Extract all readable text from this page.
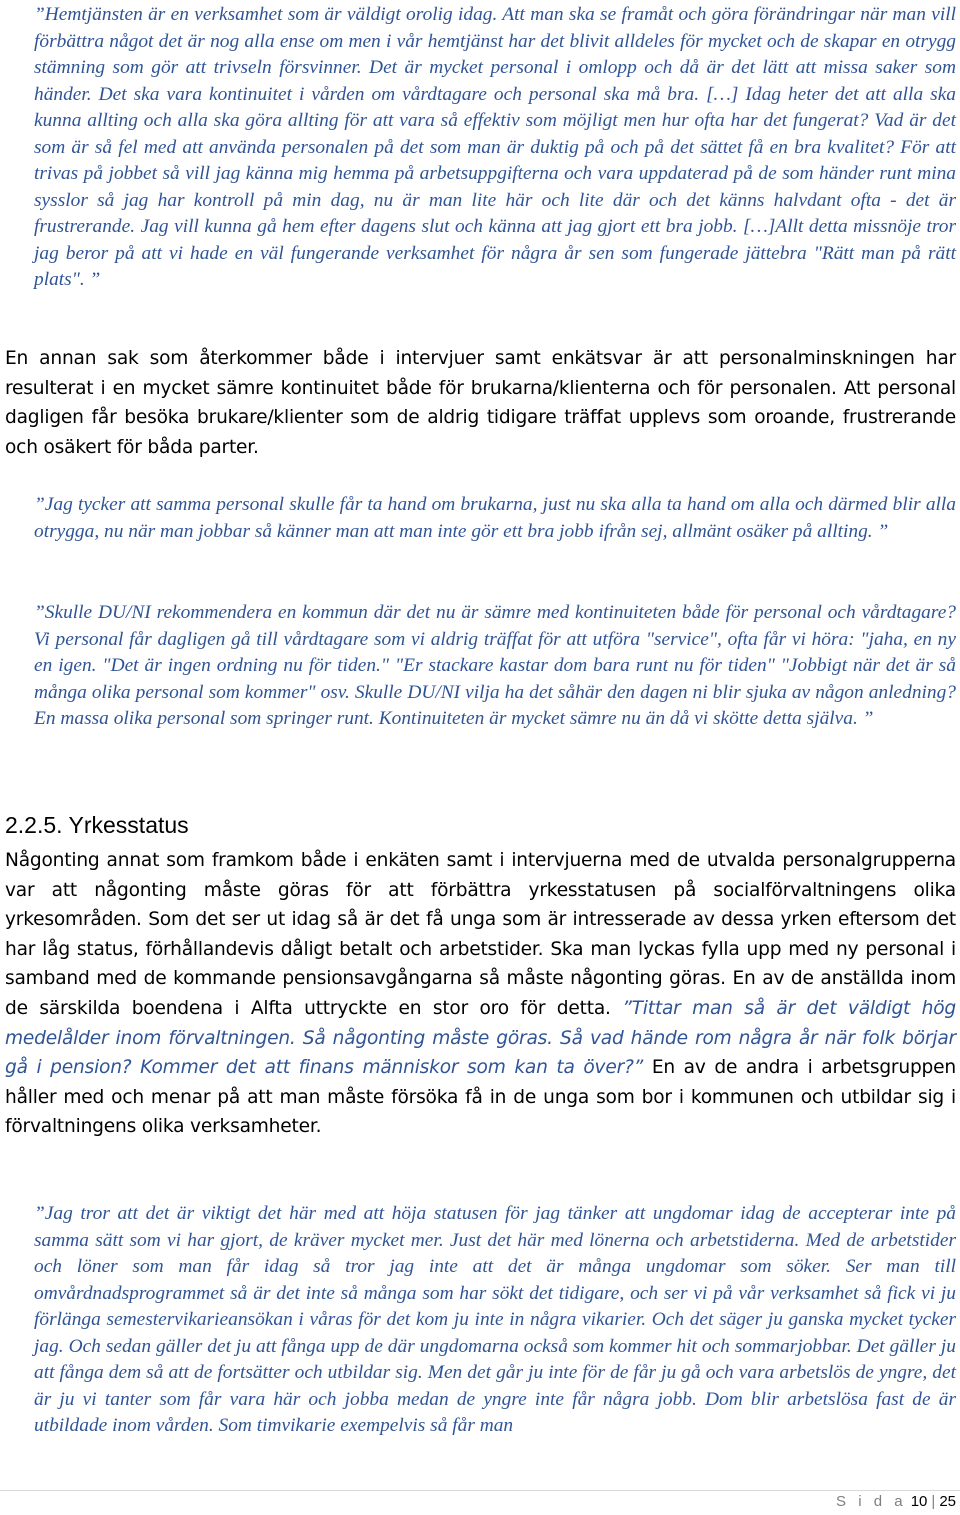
”Hemtjänsten är en verksamhet som är väldigt orolig idag. Att man ska se framåt och göra förändringar när man vill förbättra något det är nog alla ense om men i vår hemtjänst har det blivit alldeles för mycket och de skapar en otrygg stämning som gör att trivseln försvinner. Det är mycket personal i omlopp och då är det lätt att missa saker som händer. Det ska vara kontinuitet i vården om vårdtagare och personal ska må bra. […] Idag heter det att alla ska kunna allting och alla ska göra allting för att vara så effektiv som möjligt men hur ofta har det fungerat? Vad är det som är så fel med att använda personalen på det som man är duktig på och på det sättet få en bra kvalitet? För att trivas på jobbet så vill jag känna mig hemma på arbetsuppgifterna och vara uppdaterad på de som händer runt mina sysslor så jag har kontroll på min dag, nu är man lite här och lite där och det känns halvdant ofta - det är frustrerande. Jag vill kunna gå hem efter dagens slut och känna att jag gjort ett bra jobb. […]Allt detta missnöje tror jag beror på att vi hade en väl fungerande verksamhet för några år sen som fungerade jättebra "Rätt man på rätt plats". ”

En annan sak som återkommer både i intervjuer samt enkätsvar är att personalminskningen har resulterat i en mycket sämre kontinuitet både för brukarna/klienterna och för personalen. Att personal dagligen får besöka brukare/klienter som de aldrig tidigare träffat upplevs som oroande, frustrerande och osäkert för båda parter.

”Jag tycker att samma personal skulle får ta hand om brukarna, just nu ska alla ta hand om alla och därmed blir alla otrygga, nu när man jobbar så känner man att man inte gör ett bra jobb ifrån sej, allmänt osäker på allting. ”

”Skulle DU/NI rekommendera en kommun där det nu är sämre med kontinuiteten både för personal och vårdtagare? Vi personal får dagligen gå till vårdtagare som vi aldrig träffat för att utföra "service", ofta får vi höra: "jaha, en ny en igen. "Det är ingen ordning nu för tiden." "Er stackare kastar dom bara runt nu för tiden" "Jobbigt när det är så många olika personal som kommer" osv. Skulle DU/NI vilja ha det såhär den dagen ni blir sjuka av någon anledning? En massa olika personal som springer runt. Kontinuiteten är mycket sämre nu än då vi skötte detta själva. ”

2.2.5. Yrkesstatus

Någonting annat som framkom både i enkäten samt i intervjuerna med de utvalda personalgrupperna var att någonting måste göras för att förbättra yrkesstatusen på socialförvaltningens olika yrkesområden. Som det ser ut idag så är det få unga som är intresserade av dessa yrken eftersom det har låg status, förhållandevis dåligt betalt och arbetstider. Ska man lyckas fylla upp med ny personal i samband med de kommande pensionsavgångarna så måste någonting göras. En av de anställda inom de särskilda boendena i Alfta uttryckte en stor oro för detta. ”Tittar man så är det väldigt hög medelålder inom förvaltningen. Så någonting måste göras. Så vad hände rom några år när folk börjar gå i pension? Kommer det att finans människor som kan ta över?” En av de andra i arbetsgruppen håller med och menar på att man måste försöka få in de unga som bor i kommunen och utbildar sig i förvaltningens olika verksamheter.

”Jag tror att det är viktigt det här med att höja statusen för jag tänker att ungdomar idag de accepterar inte på samma sätt som vi har gjort, de kräver mycket mer. Just det här med lönerna och arbetstiderna. Med de arbetstider och löner som man får idag så tror jag inte att det är många ungdomar som söker. Ser man till omvårdnadsprogrammet så är det inte så många som har sökt det tidigare, och ser vi på vår verksamhet så fick vi ju förlänga semestervikarieansökan i våras för det kom ju inte in några vikarier. Och det säger ju ganska mycket tycker jag. Och sedan gäller det ju att fånga upp de där ungdomarna också som kommer hit och sommarjobbar. Det gäller ju att fånga dem så att de fortsätter och utbildar sig. Men det går ju inte för de får ju gå och vara arbetslös de yngre, det är ju vi tanter som får vara här och jobba medan de yngre inte får några jobb. Dom blir arbetslösa fast de är utbildade inom vården. Som timvikarie exempelvis så får man

S i d a 10 | 25
